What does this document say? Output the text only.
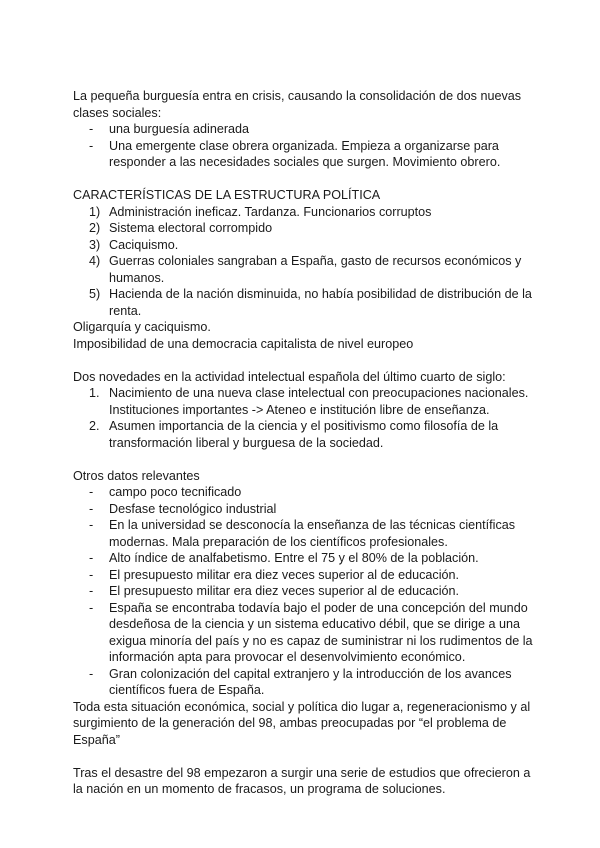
La pequeña burguesía entra en crisis, causando la consolidación de dos nuevas clases sociales:

- una burguesía adinerada
- Una emergente clase obrera organizada. Empieza a organizarse para responder a las necesidades sociales que surgen. Movimiento obrero.

CARACTERÍSTICAS DE LA ESTRUCTURA POLÍTICA

1) Administración ineficaz. Tardanza. Funcionarios corruptos
2) Sistema electoral corrompido
3) Caciquismo.
4) Guerras coloniales sangraban a España, gasto de recursos económicos y humanos.
5) Hacienda de la nación disminuida, no había posibilidad de distribución de la renta.

Oligarquía y caciquismo.

Imposibilidad de una democracia capitalista de nivel europeo

Dos novedades en la actividad intelectual española del último cuarto de siglo:

1. Nacimiento de una nueva clase intelectual con preocupaciones nacionales. Instituciones importantes -> Ateneo e institución libre de enseñanza.
2. Asumen importancia de la ciencia y el positivismo como filosofía de la transformación liberal y burguesa de la sociedad.

Otros datos relevantes

- campo poco tecnificado
- Desfase tecnológico industrial
- En la universidad se desconocía la enseñanza de las técnicas científicas modernas. Mala preparación de los científicos profesionales.
- Alto índice de analfabetismo. Entre el 75 y el 80% de la población.
- El presupuesto militar era diez veces superior al de educación.
- El presupuesto militar era diez veces superior al de educación.
- España se encontraba todavía bajo el poder de una concepción del mundo desdeñosa de la ciencia y un sistema educativo débil, que se dirige a una exigua minoría del país y no es capaz de suministrar ni los rudimentos de la información apta para provocar el desenvolvimiento económico.
- Gran colonización del capital extranjero y la introducción de los avances científicos fuera de España.

Toda esta situación económica, social y política dio lugar a, regeneracionismo y al surgimiento de la generación del 98, ambas preocupadas por “el problema de España”

Tras el desastre del 98 empezaron a surgir una serie de estudios que ofrecieron a la nación en un momento de fracasos, un programa de soluciones.
